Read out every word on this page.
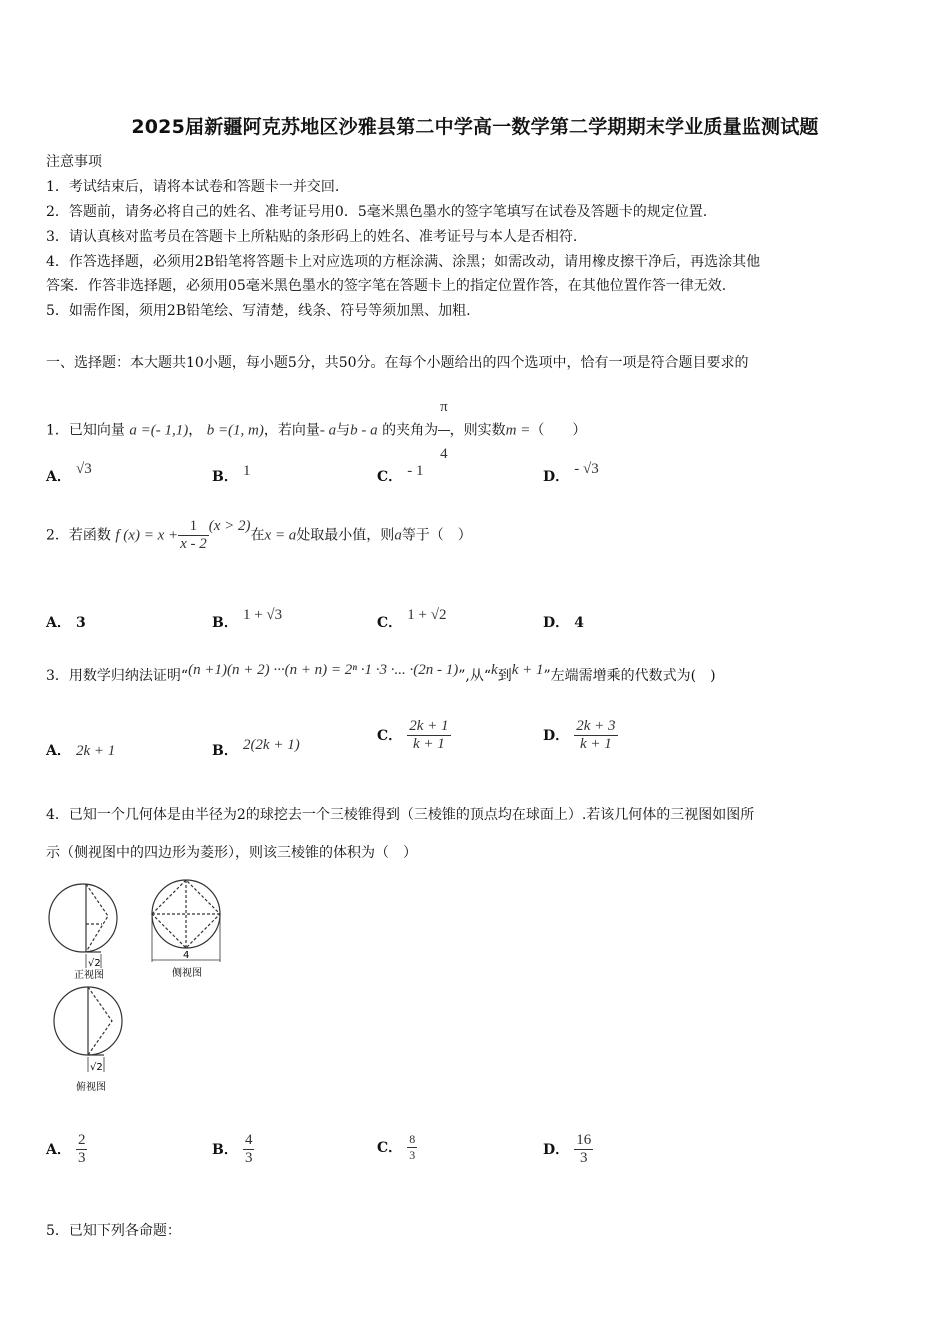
2025届新疆阿克苏地区沙雅县第二中学高一数学第二学期期末学业质量监测试题
注意事项
1．考试结束后，请将本试卷和答题卡一并交回.
2．答题前，请务必将自己的姓名、准考证号用0．5毫米黑色墨水的签字笔填写在试卷及答题卡的规定位置.
3．请认真核对监考员在答题卡上所粘贴的条形码上的姓名、准考证号与本人是否相符.
4．作答选择题，必须用2B铅笔将答题卡上对应选项的方框涂满、涂黑；如需改动，请用橡皮擦干净后，再选涂其他
答案．作答非选择题，必须用05毫米黑色墨水的签字笔在答题卡上的指定位置作答，在其他位置作答一律无效.
5．如需作图，须用2B铅笔绘、写清楚，线条、符号等须加黑、加粗.
一、选择题：本大题共10小题，每小题5分，共50分。在每个小题给出的四个选项中，恰有一项是符合题目要求的
1．已知向量 a =(- 1,1)， b =(1, m)，若向量- a与b - a 的夹角为 $\frac{\pi}{4}$ ，则实数m =（　　）
A． √3	B． 1	C． - 1	D． - √3
2．若函数 f $(x) = x + \frac{1}{x - 2} (x > 2)$在x = a处取最小值，则a等于（　）
A． 3	B． 1 + √3	C． 1 + √2	D． 4
3．用数学归纳法证明“(n +1)(n + 2) ···(n + n) = 2ⁿ ·1 ·3 ·... ·(2n - 1)”,从“k到k + 1”左端需增乘的代数式为(　)
A． 2k + 1	B． 2(2k + 1)
C． $\frac{2k + 1}{k + 1}$	D． $\frac{2k + 3}{k + 1}$
4．已知一个几何体是由半径为2的球挖去一个三棱锥得到（三棱锥的顶点均在球面上）.若该几何体的三视图如图所
示（侧视图中的四边形为菱形），则该三棱锥的体积为（　）
√2
正视图
4
侧视图
√2
俯视图
A． $\frac{2}{3}$	B． $\frac{4}{3}$	C． $\frac{8}{3}$	D． $\frac{16}{3}$
5．已知下列各命题：
